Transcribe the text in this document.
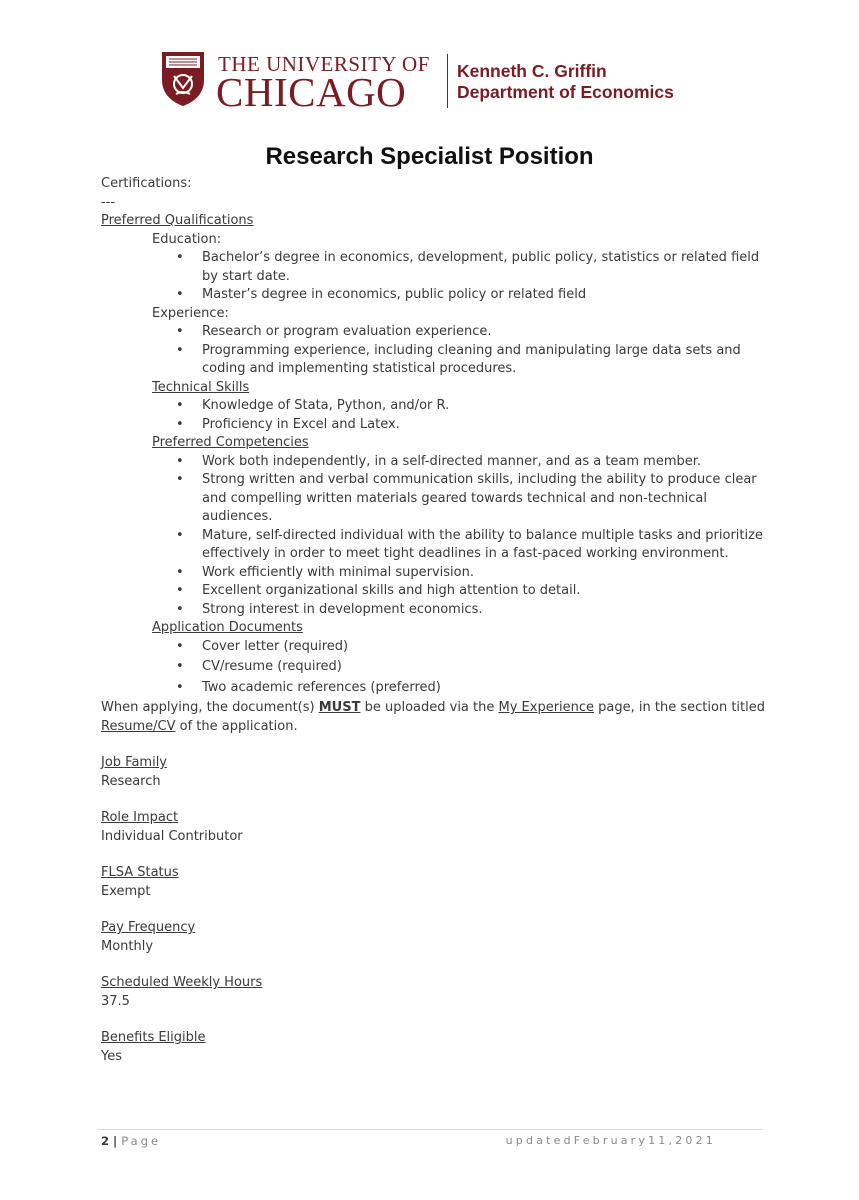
THE UNIVERSITY OF
CHICAGO	Kenneth C. Griffin
Department of Economics
Research Specialist Position

Certifications:

---

Preferred Qualifications

Education:

• Bachelor’s degree in economics, development, public policy, statistics or related field by start date.
• Master’s degree in economics, public policy or related field

Experience:

• Research or program evaluation experience.
• Programming experience, including cleaning and manipulating large data sets and coding and implementing statistical procedures.

Technical Skills

• Knowledge of Stata, Python, and/or R.
• Proficiency in Excel and Latex.

Preferred Competencies

• Work both independently, in a self-directed manner, and as a team member.
• Strong written and verbal communication skills, including the ability to produce clear and compelling written materials geared towards technical and non-technical audiences.
• Mature, self-directed individual with the ability to balance multiple tasks and prioritize effectively in order to meet tight deadlines in a fast-paced working environment.
• Work efficiently with minimal supervision.
• Excellent organizational skills and high attention to detail.
• Strong interest in development economics.

Application Documents

• Cover letter (required)
• CV/resume (required)
• Two academic references (preferred)

When applying, the document(s) MUST be uploaded via the My Experience page, in the section titled Resume/CV of the application.

Job Family

Research

Role Impact

Individual Contributor

FLSA Status

Exempt

Pay Frequency

Monthly

Scheduled Weekly Hours

37.5

Benefits Eligible

Yes

2 | Page	updatedFebruary11,2021
